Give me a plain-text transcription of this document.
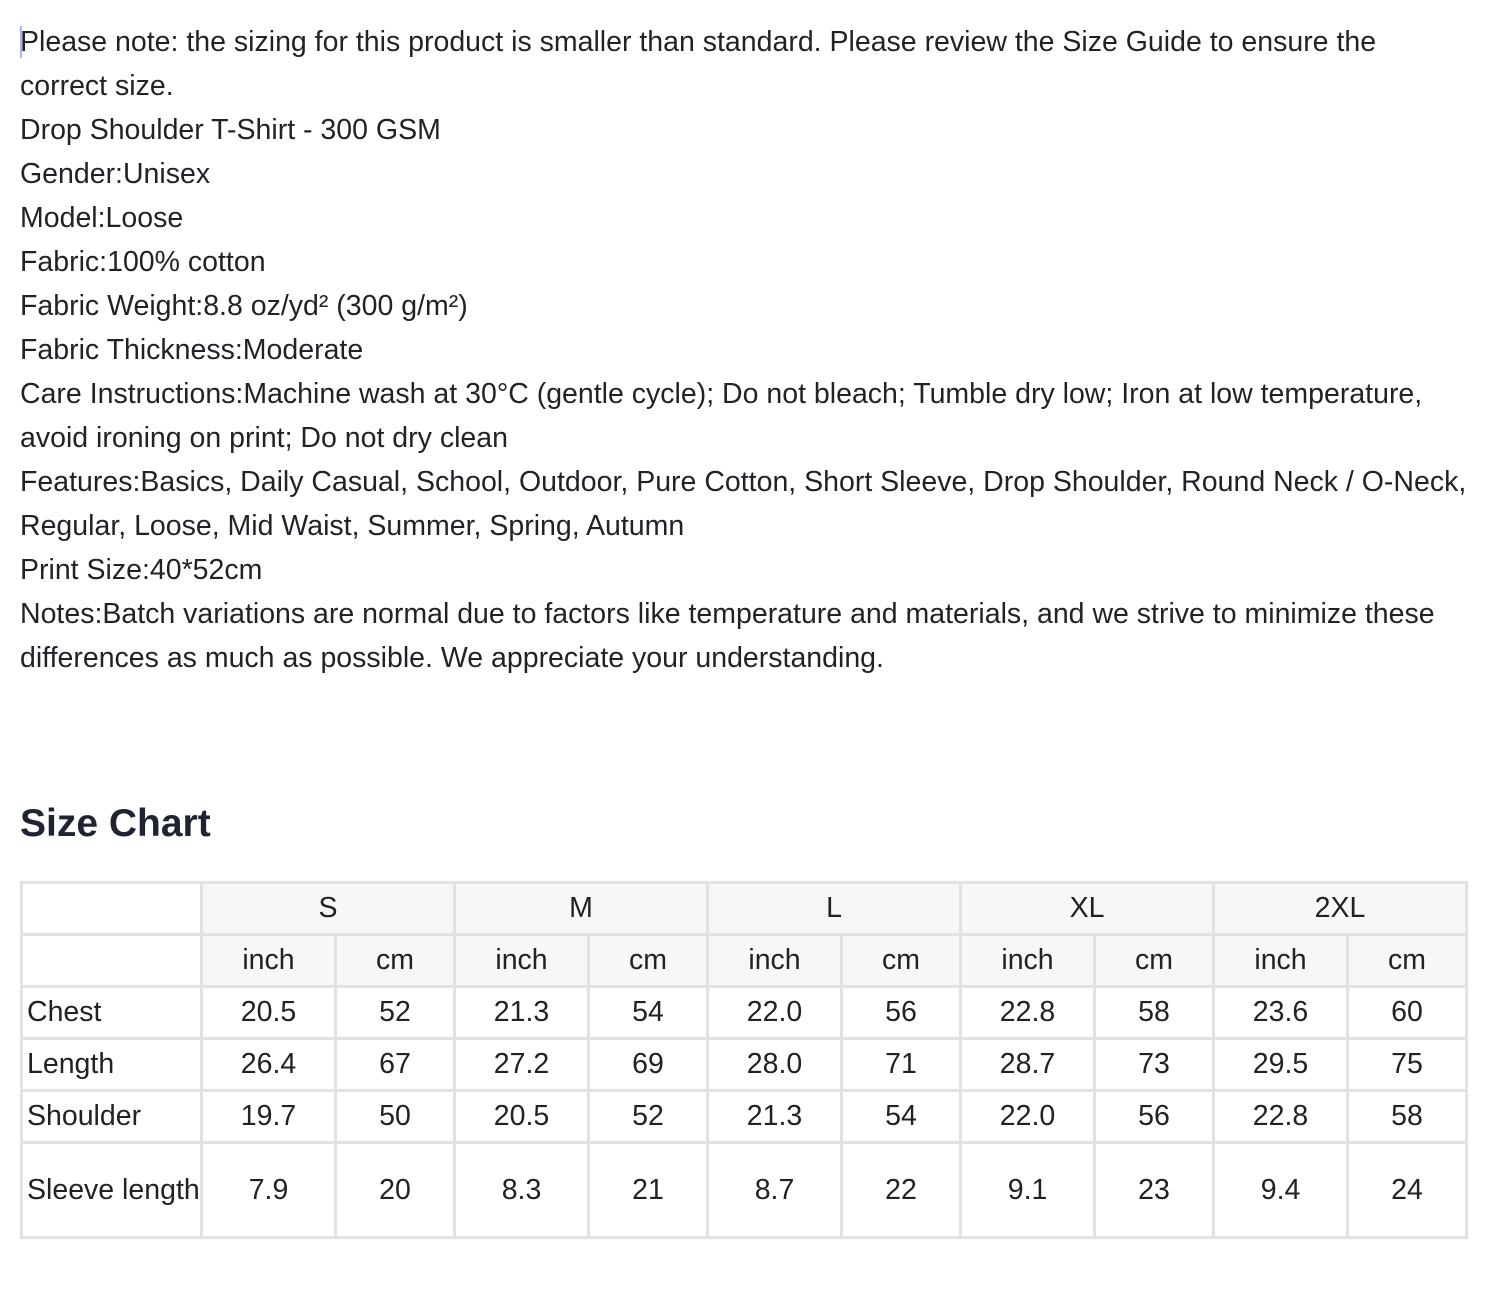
Please note: the sizing for this product is smaller than standard. Please review the Size Guide to ensure the correct size.

Drop Shoulder T-Shirt - 300 GSM

Gender:Unisex

Model:Loose

Fabric:100% cotton

Fabric Weight:8.8 oz/yd² (300 g/m²)

Fabric Thickness:Moderate

Care Instructions:Machine wash at 30°C (gentle cycle); Do not bleach; Tumble dry low; Iron at low temperature, avoid ironing on print; Do not dry clean

Features:Basics, Daily Casual, School, Outdoor, Pure Cotton, Short Sleeve, Drop Shoulder, Round Neck / O-Neck, Regular, Loose, Mid Waist, Summer, Spring, Autumn

Print Size:40*52cm

Notes:Batch variations are normal due to factors like temperature and materials, and we strive to minimize these differences as much as possible. We appreciate your understanding.

Size Chart
	S		M		L		XL		2XL	
	inch	cm	inch	cm	inch	cm	inch	cm	inch	cm
Chest	20.5	52	21.3	54	22.0	56	22.8	58	23.6	60
Length	26.4	67	27.2	69	28.0	71	28.7	73	29.5	75
Shoulder	19.7	50	20.5	52	21.3	54	22.0	56	22.8	58
Sleeve length	7.9	20	8.3	21	8.7	22	9.1	23	9.4	24
